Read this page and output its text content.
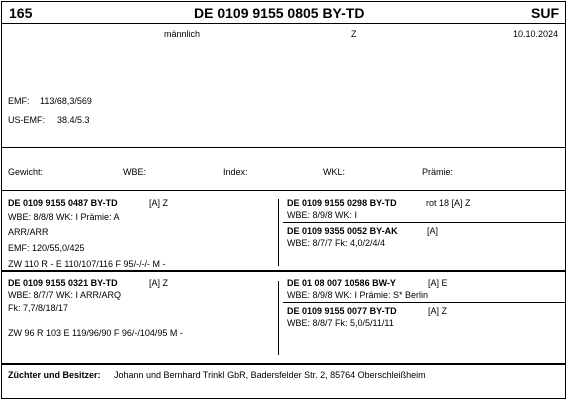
165	DE 0109 9155 0805 BY-TD	SUF
männlich	Z	10.10.2024
EMF: 113/68,3/569
US-EMF: 38.4/5.3
Gewicht:	WBE:	Index:	WKL:	Prämie:
DE 0109 9155 0487 BY-TD	[A] Z
WBE: 8/8/8 WK: I Prämie: A
ARR/ARR
EMF: 120/55,0/425
ZW 110 R - E 110/107/116 F 95/-/-/- M -
DE 0109 9155 0298 BY-TD	rot 18 [A] Z
WBE: 8/9/8 WK: I
DE 0109 9355 0052 BY-AK	[A]
WBE: 8/7/7 Fk: 4,0/2/4/4
DE 0109 9155 0321 BY-TD	[A] Z
WBE: 8/7/7 WK: I ARR/ARQ
Fk: 7,7/8/18/17
ZW 96 R 103 E 119/96/90 F 96/-/104/95 M -
DE 01 08 007 10586 BW-Y	[A] E
WBE: 8/9/8 WK: I Prämie: S* Berlin
DE 0109 9155 0077 BY-TD	[A] Z
WBE: 8/8/7 Fk: 5,0/5/11/11
Züchter und Besitzer: Johann und Bernhard Trinkl GbR, Badersfelder Str. 2, 85764 Oberschleißheim
